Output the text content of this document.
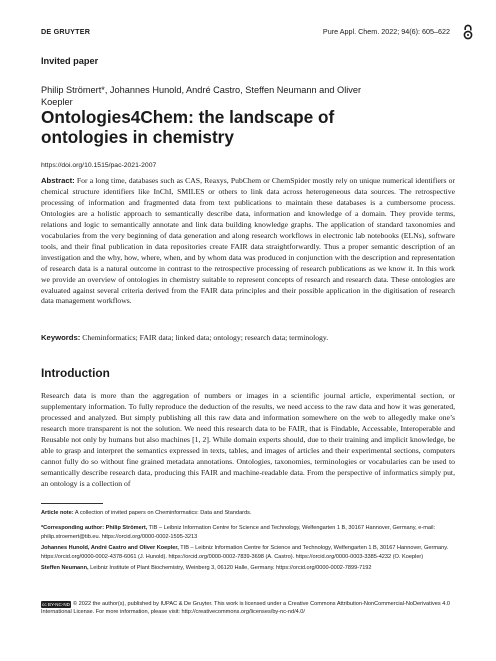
DE GRUYTER	Pure Appl. Chem. 2022; 94(6): 605–622
Invited paper
Philip Strömert*, Johannes Hunold, André Castro, Steffen Neumann and Oliver Koepler
Ontologies4Chem: the landscape of ontologies in chemistry
https://doi.org/10.1515/pac-2021-2007

Abstract: For a long time, databases such as CAS, Reaxys, PubChem or ChemSpider mostly rely on unique numerical identifiers or chemical structure identifiers like InChI, SMILES or others to link data across heterogeneous data sources. The retrospective processing of information and fragmented data from text publications to maintain these databases is a cumbersome process. Ontologies are a holistic approach to semantically describe data, information and knowledge of a domain. They provide terms, relations and logic to semantically annotate and link data building knowledge graphs. The application of standard taxonomies and vocabularies from the very beginning of data generation and along research workflows in electronic lab notebooks (ELNs), software tools, and their final publication in data repositories create FAIR data straightforwardly. Thus a proper semantic description of an investigation and the why, how, where, when, and by whom data was produced in conjunction with the description and representation of research data is a natural outcome in contrast to the retrospective processing of research publications as we know it. In this work we provide an overview of ontologies in chemistry suitable to represent concepts of research and research data. These ontologies are evaluated against several criteria derived from the FAIR data principles and their possible application in the digitisation of research data management workflows.

Keywords: Cheminformatics; FAIR data; linked data; ontology; research data; terminology.

Introduction

Research data is more than the aggregation of numbers or images in a scientific journal article, experimental section, or supplementary information. To fully reproduce the deduction of the results, we need access to the raw data and how it was generated, processed and analyzed. But simply publishing all this raw data and information somewhere on the web to allegedly make one’s research more transparent is not the solution. We need this research data to be FAIR, that is Findable, Accessable, Interoperable and Reusable not only by humans but also machines [1, 2]. While domain experts should, due to their training and implicit knowledge, be able to grasp and interpret the semantics expressed in texts, tables, and images of articles and their experimental sections, computers cannot fully do so without fine grained metadata annotations. Ontologies, taxonomies, terminologies or vocabularies can be used to semantically describe research data, producing this FAIR and machine-readable data. From the perspective of informatics simply put, an ontology is a collection of

Article note: A collection of invited papers on Cheminformatics: Data and Standards.

*Corresponding author: Philip Strömert, TIB – Leibniz Information Centre for Science and Technology, Welfengarten 1 B, 30167 Hannover, Germany, e-mail: philip.stroemert@tib.eu. https://orcid.org/0000-0002-1595-3213

Johannes Hunold, André Castro and Oliver Koepler, TIB – Leibniz Information Centre for Science and Technology, Welfengarten 1 B, 30167 Hannover, Germany. https://orcid.org/0000-0002-4378-6061 (J. Hunold). https://orcid.org/0000-0002-7839-3698 (A. Castro). https://orcid.org/0000-0003-3385-4232 (O. Koepler)

Steffen Neumann, Leibniz Institute of Plant Biochemistry, Weinberg 3, 06120 Halle, Germany. https://orcid.org/0000-0002-7899-7192

cc BY-NC-ND © 2022 the author(s), published by IUPAC & De Gruyter. This work is licensed under a Creative Commons Attribution-NonCommercial-NoDerivatives 4.0 International License. For more information, please visit: http://creativecommons.org/licenses/by-nc-nd/4.0/
